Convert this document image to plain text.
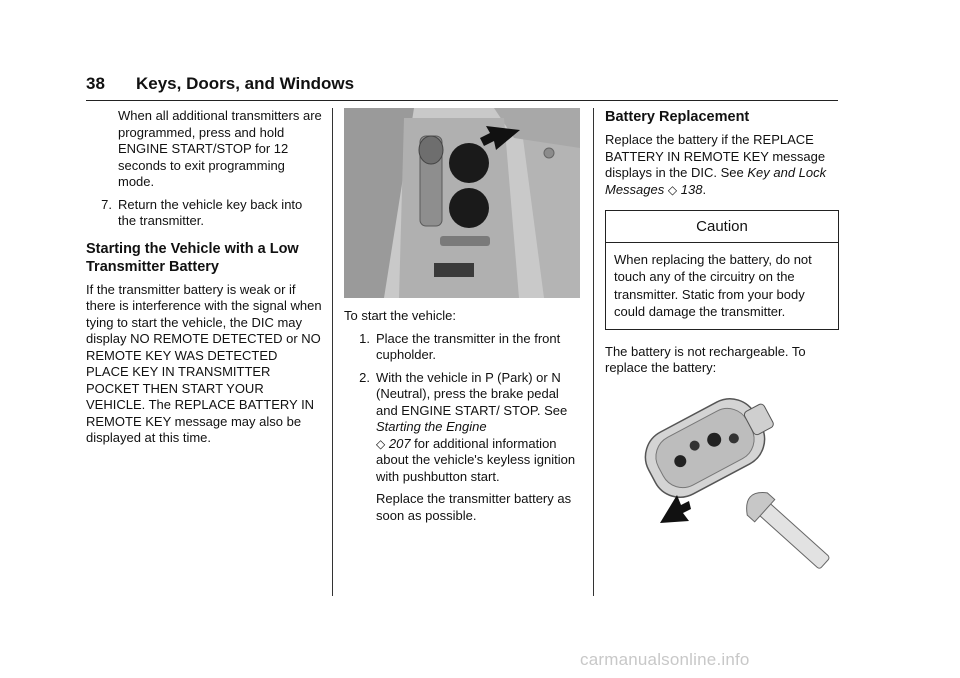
38 Keys, Doors, and Windows

When all additional transmitters are programmed, press and hold ENGINE START/STOP for 12 seconds to exit programming mode.

7. Return the vehicle key back into the transmitter.
Starting the Vehicle with a Low Transmitter Battery

If the transmitter battery is weak or if there is interference with the signal when tying to start the vehicle, the DIC may display NO REMOTE DETECTED or NO REMOTE KEY WAS DETECTED PLACE KEY IN TRANSMITTER POCKET THEN START YOUR VEHICLE. The REPLACE BATTERY IN REMOTE KEY message may also be displayed at this time.

To start the vehicle:

1. Place the transmitter in the front cupholder.
2. With the vehicle in P (Park) or N (Neutral), press the brake pedal and ENGINE START/ STOP. See Starting the Engine
◇ 207 for additional information about the vehicle's keyless ignition with pushbutton start.

Replace the transmitter battery as soon as possible.

Battery Replacement

Replace the battery if the REPLACE BATTERY IN REMOTE KEY message displays in the DIC. See Key and Lock Messages ◇ 138.

Caution
When replacing the battery, do not touch any of the circuitry on the transmitter. Static from your body could damage the transmitter.

The battery is not rechargeable. To replace the battery:

carmanualsonline.info
